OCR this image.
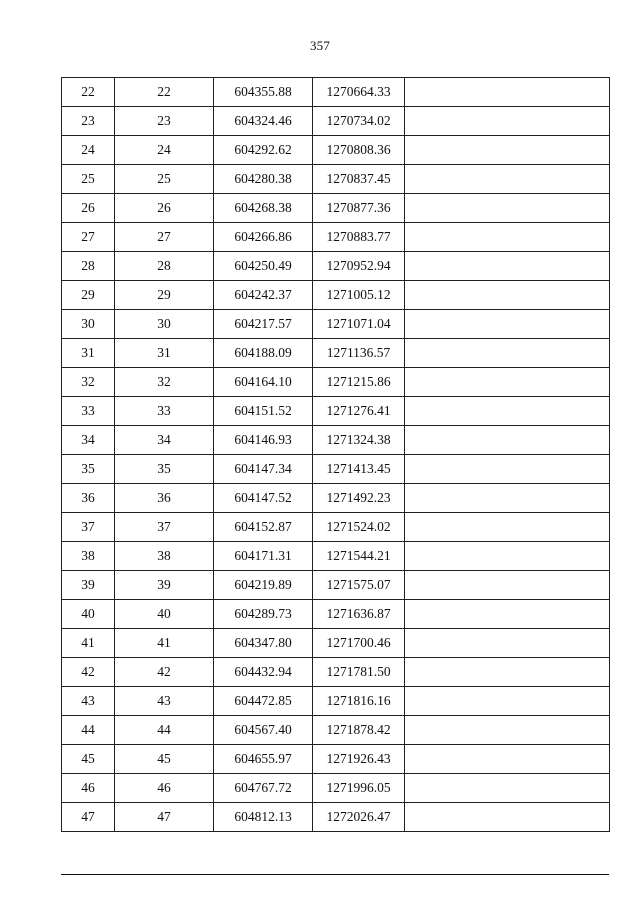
357
22	22	604355.88	1270664.33	
23	23	604324.46	1270734.02	
24	24	604292.62	1270808.36	
25	25	604280.38	1270837.45	
26	26	604268.38	1270877.36	
27	27	604266.86	1270883.77	
28	28	604250.49	1270952.94	
29	29	604242.37	1271005.12	
30	30	604217.57	1271071.04	
31	31	604188.09	1271136.57	
32	32	604164.10	1271215.86	
33	33	604151.52	1271276.41	
34	34	604146.93	1271324.38	
35	35	604147.34	1271413.45	
36	36	604147.52	1271492.23	
37	37	604152.87	1271524.02	
38	38	604171.31	1271544.21	
39	39	604219.89	1271575.07	
40	40	604289.73	1271636.87	
41	41	604347.80	1271700.46	
42	42	604432.94	1271781.50	
43	43	604472.85	1271816.16	
44	44	604567.40	1271878.42	
45	45	604655.97	1271926.43	
46	46	604767.72	1271996.05	
47	47	604812.13	1272026.47	
